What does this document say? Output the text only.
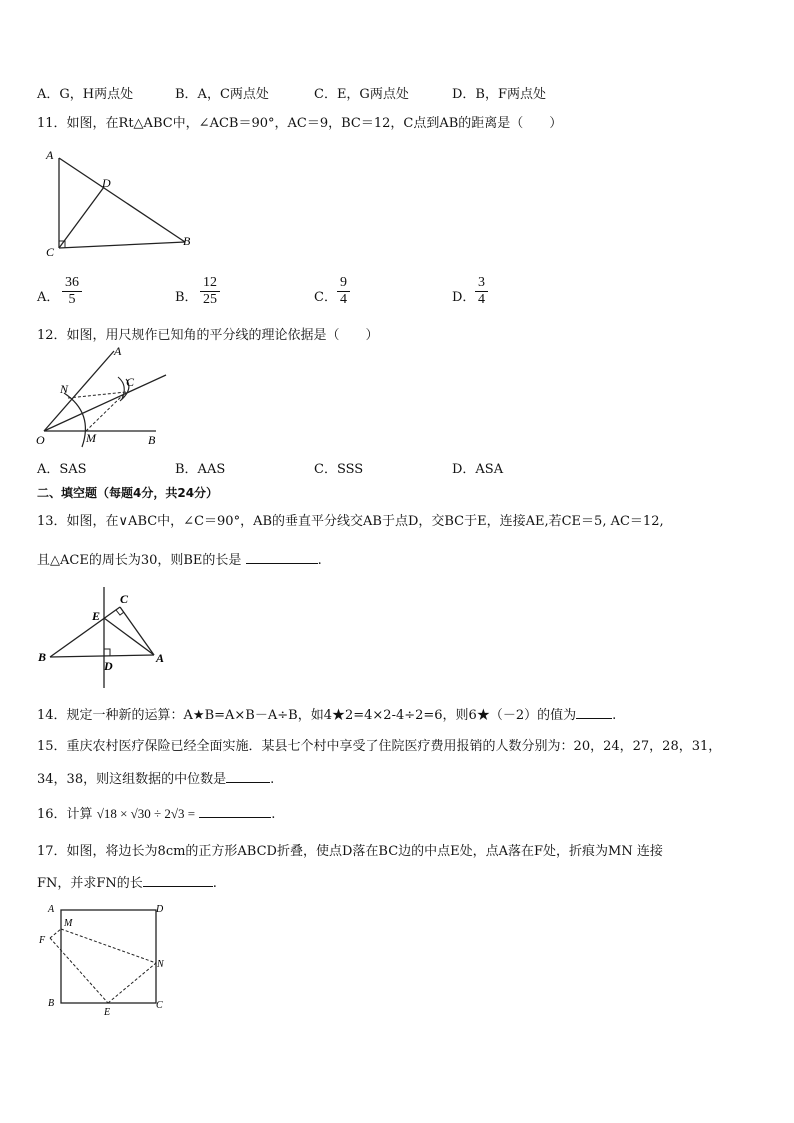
A．G，H两点处	B．A，C两点处	C．E，G两点处	D．B，F两点处
11．如图，在Rt△ABC中，∠ACB＝90°，AC＝9，BC＝12，C点到AB的距离是（　　）
A
D
C
B
A．
36
5	B．
12
25	C．
9
4	D．
3
4
12．如图，用尺规作已知角的平分线的理论依据是（　　）
A
N	C
O	M	B
A．SAS	B．AAS	C．SSS	D．ASA
二、填空题（每题4分，共24分）
13．如图，在∨ABC中，∠C＝90°，AB的垂直平分线交AB于点D，交BC于E，连接AE,若CE＝5, AC＝12,
且△ACE的周长为30，则BE的长是	.
C
E
B
D
A
14．规定一种新的运算：A★B=A×B－A÷B，如4★2=4×2-4÷2=6，则6★（－2）的值为	.
15．重庆农村医疗保险已经全面实施．某县七个村中享受了住院医疗费用报销的人数分别为：20，24，27，28，31，
34，38，则这组数据的中位数是	.
16．计算 √18 × √30 ÷ 2√3 =	.
17．如图，将边长为8cm的正方形ABCD折叠，使点D落在BC边的中点E处，点A落在F处，折痕为MN 连接
FN，并求FN的长	.
A
M
D
F
N
B
E
C
